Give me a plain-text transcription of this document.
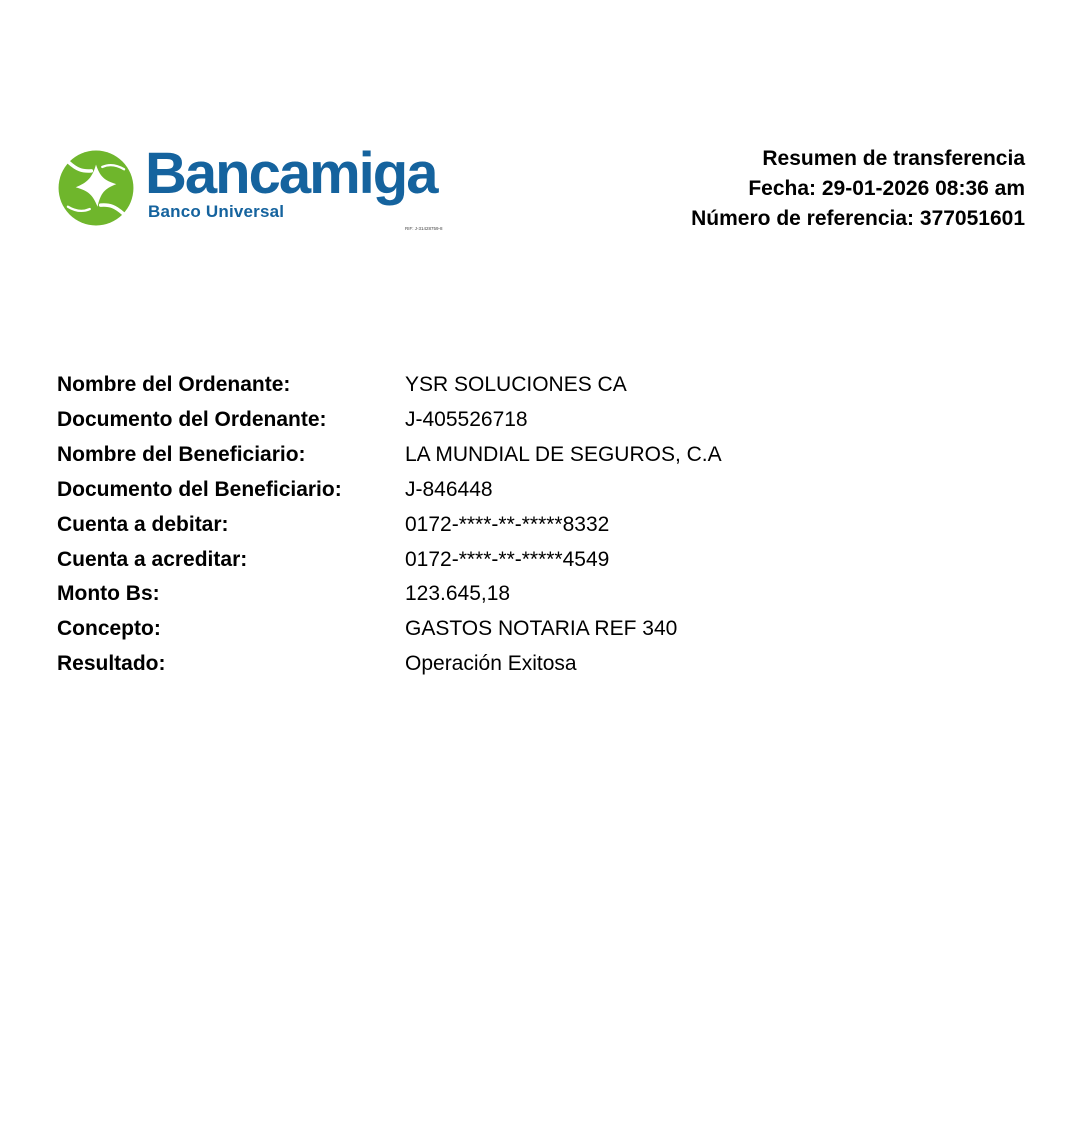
Bancamiga
Banco Universal
RIF: J-31428759-8
Resumen de transferencia
Fecha: 29-01-2026 08:36 am
Número de referencia: 377051601
Nombre del Ordenante:	YSR SOLUCIONES CA
Documento del Ordenante:	J-405526718
Nombre del Beneficiario:	LA MUNDIAL DE SEGUROS, C.A
Documento del Beneficiario:	J-846448
Cuenta a debitar:	0172-****-**-*****8332
Cuenta a acreditar:	0172-****-**-*****4549
Monto Bs:	123.645,18
Concepto:	GASTOS NOTARIA REF 340
Resultado:	Operación Exitosa
